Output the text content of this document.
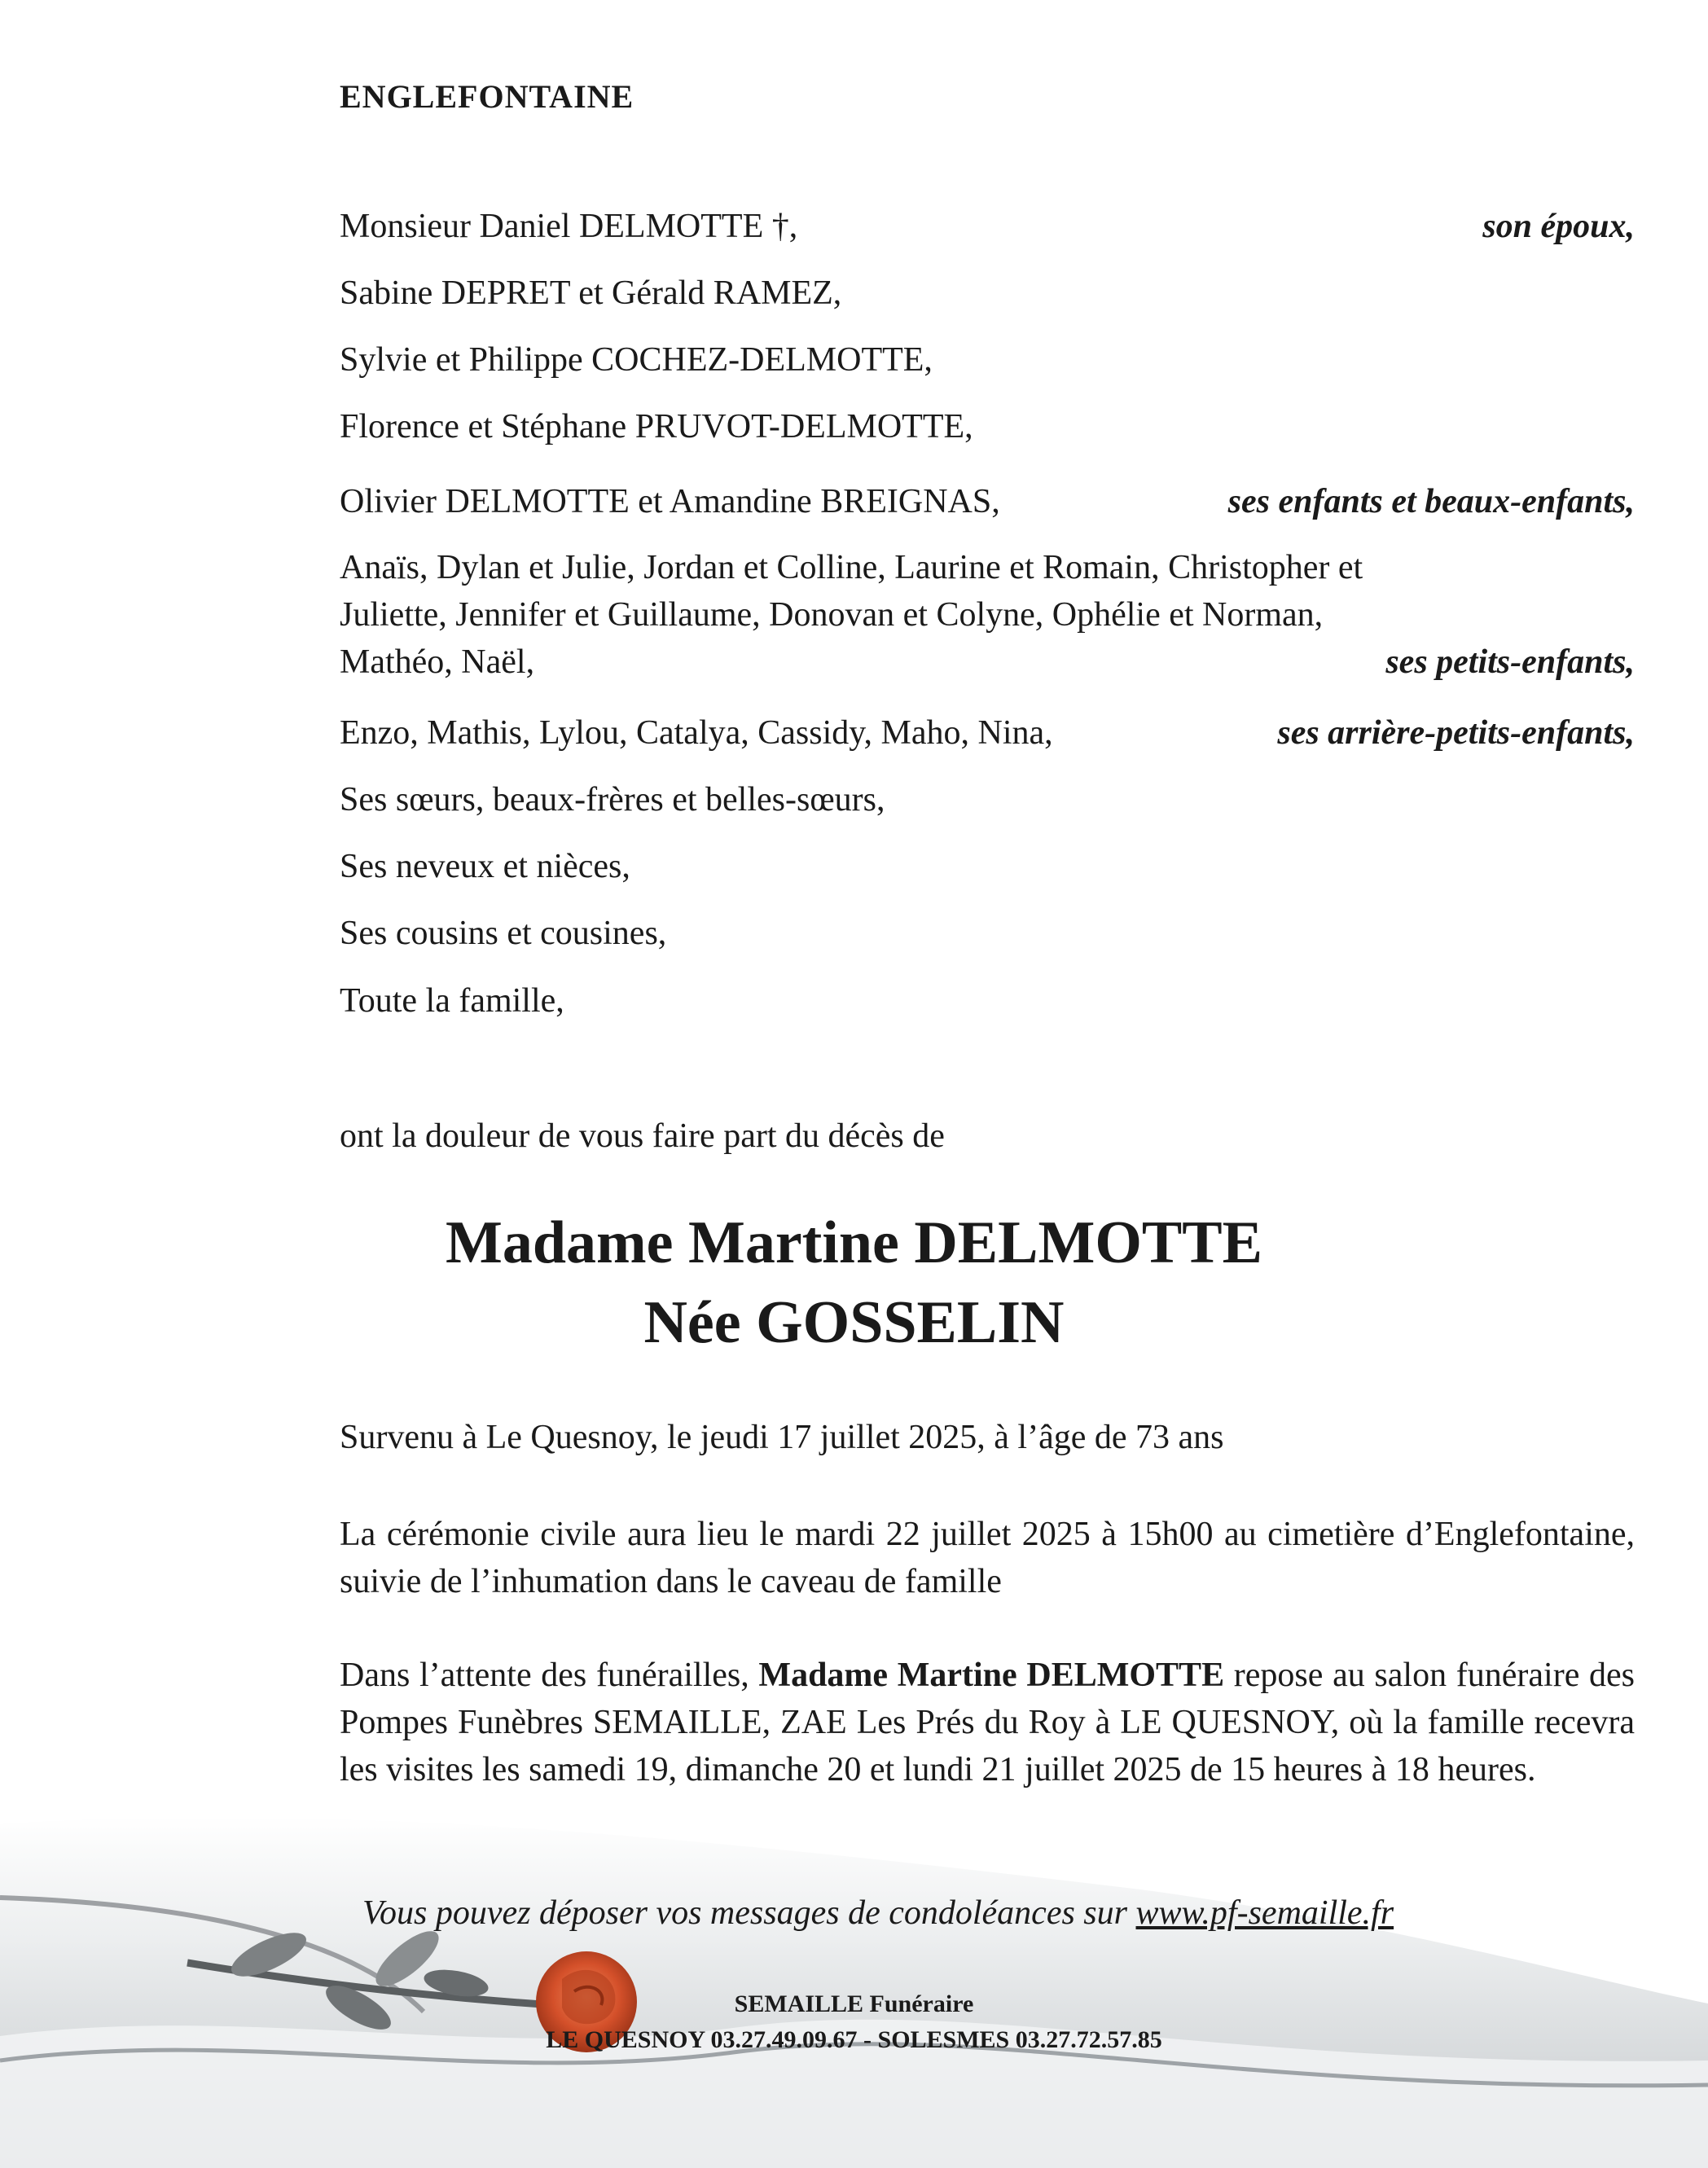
ENGLEFONTAINE
Monsieur Daniel DELMOTTE †,	son époux,
Sabine DEPRET et Gérald RAMEZ,
Sylvie et Philippe COCHEZ-DELMOTTE,
Florence et Stéphane PRUVOT-DELMOTTE,
Olivier DELMOTTE et Amandine BREIGNAS,	ses enfants et beaux-enfants,
Anaïs, Dylan et Julie, Jordan et Colline, Laurine et Romain, Christopher et
Juliette, Jennifer et Guillaume, Donovan et Colyne, Ophélie et Norman,
Mathéo, Naël,	ses petits-enfants,
Enzo, Mathis, Lylou, Catalya, Cassidy, Maho, Nina,	ses arrière-petits-enfants,
Ses sœurs, beaux-frères et belles-sœurs,
Ses neveux et nièces,
Ses cousins et cousines,
Toute la famille,
ont la douleur de vous faire part du décès de
Madame Martine DELMOTTE
Née GOSSELIN
Survenu à Le Quesnoy, le jeudi 17 juillet 2025, à l’âge de 73 ans
La cérémonie civile aura lieu le mardi 22 juillet 2025 à 15h00 au cimetière d’Englefontaine, suivie de l’inhumation dans le caveau de famille
Dans l’attente des funérailles, Madame Martine DELMOTTE repose au salon funéraire des Pompes Funèbres SEMAILLE, ZAE Les Prés du Roy à LE QUESNOY, où la famille recevra les visites les samedi 19, dimanche 20 et lundi 21 juillet 2025 de 15 heures à 18 heures.
Vous pouvez déposer vos messages de condoléances sur www.pf-semaille.fr
SEMAILLE Funéraire
LE QUESNOY 03.27.49.09.67 - SOLESMES 03.27.72.57.85
